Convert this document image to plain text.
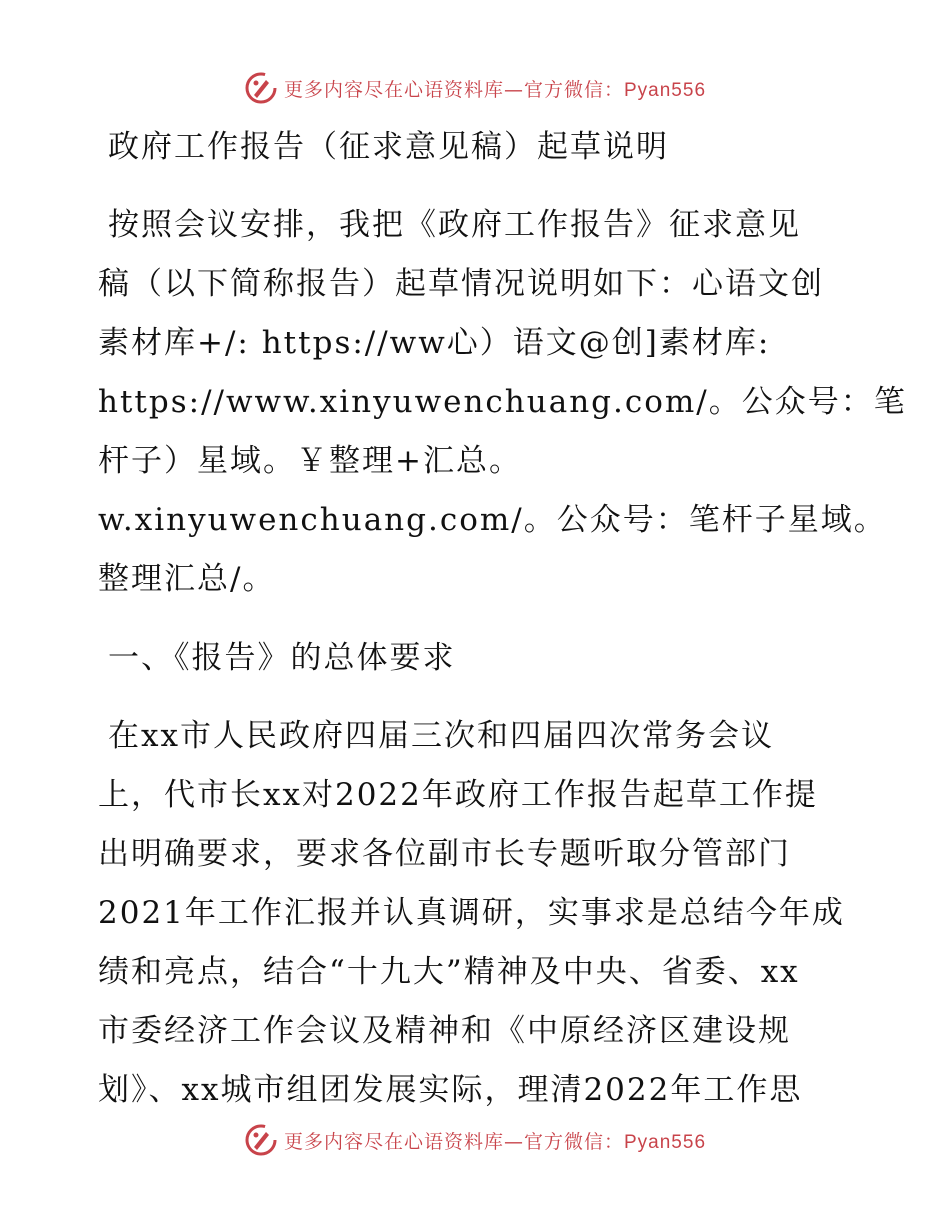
更多内容尽在心语资料库—官方微信：Pyan556
政府工作报告（征求意见稿）起草说明
按照会议安排，我把《政府工作报告》征求意见
稿（以下简称报告）起草情况说明如下：心语文创
素材库+/: https://ww心）语文@创]素材库:
https://www.xinyuwenchuang.com/。公众号：笔
杆子）星域。￥整理+汇总。
w.xinyuwenchuang.com/。公众号：笔杆子星域。
整理汇总/。
一、《报告》的总体要求
在xx市人民政府四届三次和四届四次常务会议
上，代市长xx对2022年政府工作报告起草工作提
出明确要求，要求各位副市长专题听取分管部门
2021年工作汇报并认真调研，实事求是总结今年成
绩和亮点，结合“十九大”精神及中央、省委、xx
市委经济工作会议及精神和《中原经济区建设规
划》、xx城市组团发展实际，理清2022年工作思
更多内容尽在心语资料库—官方微信：Pyan556
